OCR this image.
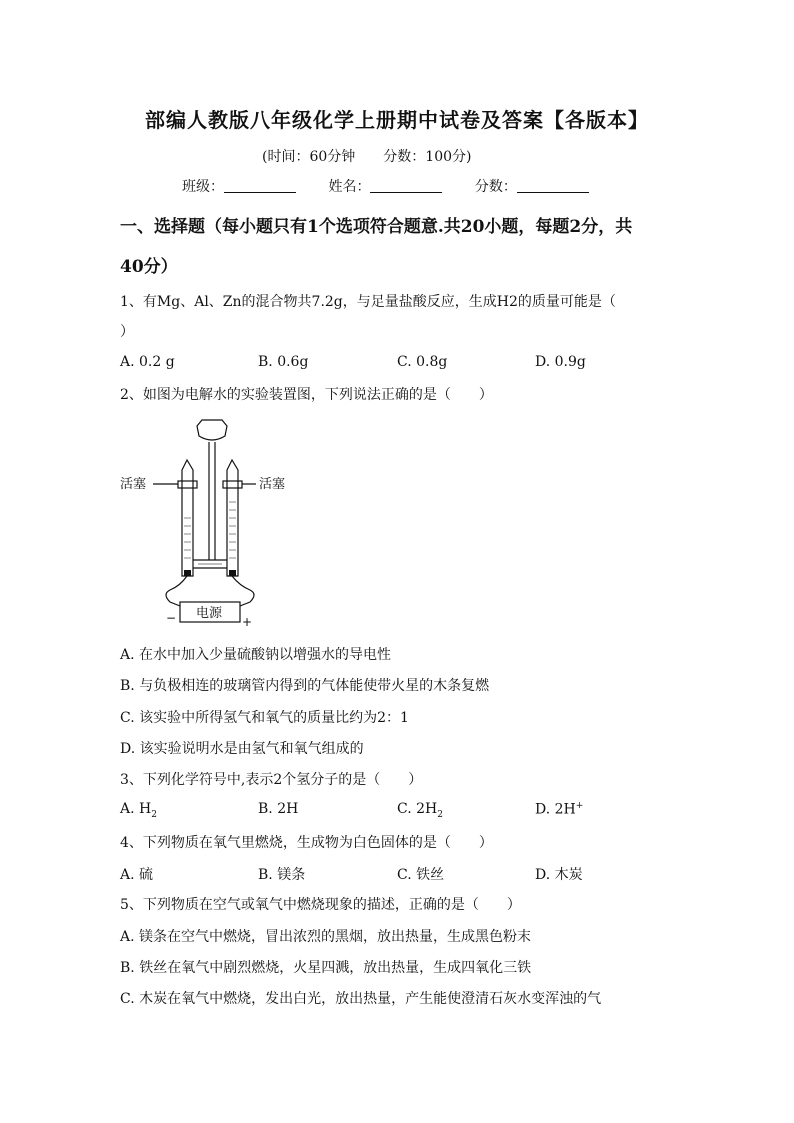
部编人教版八年级化学上册期中试卷及答案【各版本】
(时间：60分钟 分数：100分)
班级：	姓名：	分数：
一、选择题（每小题只有1个选项符合题意.共20小题，每题2分，共
40分）
1、有Mg、Al、Zn的混合物共7.2g，与足量盐酸反应，生成H2的质量可能是（
）
A. 0.2 g	B. 0.6g	C. 0.8g	D. 0.9g
2、如图为电解水的实验装置图，下列说法正确的是（　　）
活塞	活塞
电源
−	+
A. 在水中加入少量硫酸钠以增强水的导电性
B. 与负极相连的玻璃管内得到的气体能使带火星的木条复燃
C. 该实验中所得氢气和氧气的质量比约为2：1
D. 该实验说明水是由氢气和氧气组成的
3、下列化学符号中,表示2个氢分子的是（　　）
A. $H_2$	B. 2H	C. $2H_2$	D. 2H+
4、下列物质在氧气里燃烧，生成物为白色固体的是（　　）
A. 硫	B. 镁条	C. 铁丝	D. 木炭
5、下列物质在空气或氧气中燃烧现象的描述，正确的是（　　）
A. 镁条在空气中燃烧，冒出浓烈的黑烟，放出热量，生成黑色粉末
B. 铁丝在氧气中剧烈燃烧，火星四溅，放出热量，生成四氧化三铁
C. 木炭在氧气中燃烧，发出白光，放出热量，产生能使澄清石灰水变浑浊的气
